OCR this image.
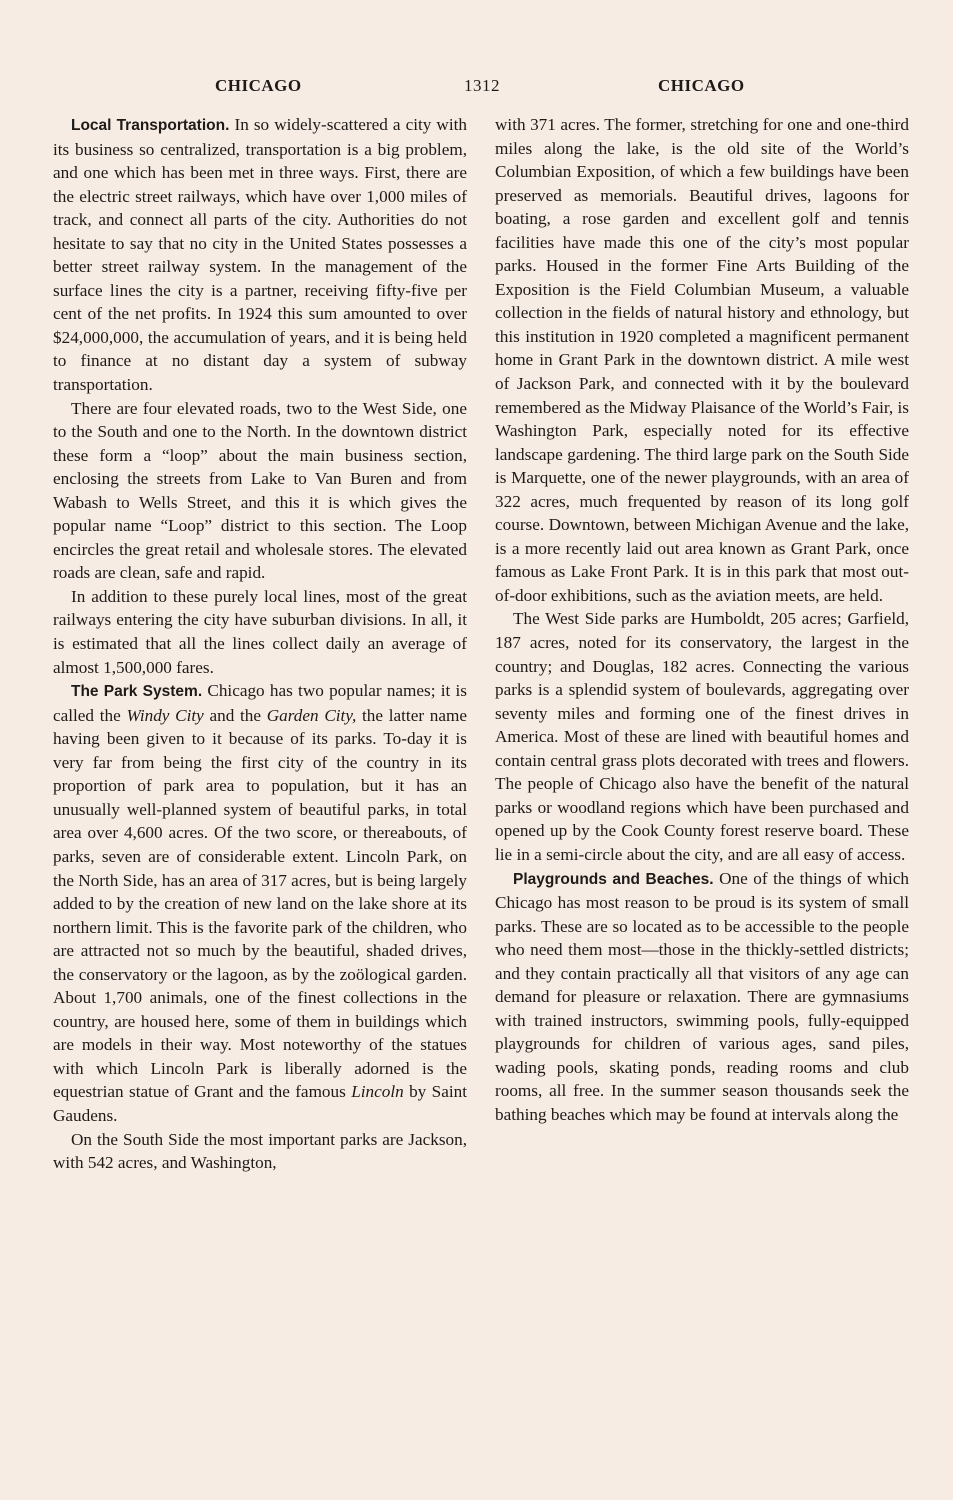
CHICAGO	1312	CHICAGO

Local Transportation. In so widely-scattered a city with its business so centralized, transportation is a big problem, and one which has been met in three ways. First, there are the electric street railways, which have over 1,000 miles of track, and connect all parts of the city. Authorities do not hesitate to say that no city in the United States possesses a better street railway system. In the management of the surface lines the city is a partner, receiving fifty-five per cent of the net profits. In 1924 this sum amounted to over $24,000,000, the accumulation of years, and it is being held to finance at no distant day a system of subway transportation.

There are four elevated roads, two to the West Side, one to the South and one to the North. In the downtown district these form a “loop” about the main business section, enclosing the streets from Lake to Van Buren and from Wabash to Wells Street, and this it is which gives the popular name “Loop” district to this section. The Loop encircles the great retail and wholesale stores. The elevated roads are clean, safe and rapid.

In addition to these purely local lines, most of the great railways entering the city have suburban divisions. In all, it is estimated that all the lines collect daily an average of almost 1,500,000 fares.

The Park System. Chicago has two popular names; it is called the Windy City and the Garden City, the latter name having been given to it because of its parks. To-day it is very far from being the first city of the country in its proportion of park area to population, but it has an unusually well-planned system of beautiful parks, in total area over 4,600 acres. Of the two score, or thereabouts, of parks, seven are of considerable extent. Lincoln Park, on the North Side, has an area of 317 acres, but is being largely added to by the creation of new land on the lake shore at its northern limit. This is the favorite park of the children, who are attracted not so much by the beautiful, shaded drives, the conservatory or the lagoon, as by the zoölogical garden. About 1,700 animals, one of the finest collections in the country, are housed here, some of them in buildings which are models in their way. Most noteworthy of the statues with which Lincoln Park is liberally adorned is the equestrian statue of Grant and the famous Lincoln by Saint Gaudens.

On the South Side the most important parks are Jackson, with 542 acres, and Washington,

with 371 acres. The former, stretching for one and one-third miles along the lake, is the old site of the World’s Columbian Exposition, of which a few buildings have been preserved as memorials. Beautiful drives, lagoons for boating, a rose garden and excellent golf and tennis facilities have made this one of the city’s most popular parks. Housed in the former Fine Arts Building of the Exposition is the Field Columbian Museum, a valuable collection in the fields of natural history and ethnology, but this institution in 1920 completed a magnificent permanent home in Grant Park in the downtown district. A mile west of Jackson Park, and connected with it by the boulevard remembered as the Midway Plaisance of the World’s Fair, is Washington Park, especially noted for its effective landscape gardening. The third large park on the South Side is Marquette, one of the newer playgrounds, with an area of 322 acres, much frequented by reason of its long golf course. Downtown, between Michigan Avenue and the lake, is a more recently laid out area known as Grant Park, once famous as Lake Front Park. It is in this park that most out-of-door exhibitions, such as the aviation meets, are held.

The West Side parks are Humboldt, 205 acres; Garfield, 187 acres, noted for its conservatory, the largest in the country; and Douglas, 182 acres. Connecting the various parks is a splendid system of boulevards, aggregating over seventy miles and forming one of the finest drives in America. Most of these are lined with beautiful homes and contain central grass plots decorated with trees and flowers. The people of Chicago also have the benefit of the natural parks or woodland regions which have been purchased and opened up by the Cook County forest reserve board. These lie in a semi-circle about the city, and are all easy of access.

Playgrounds and Beaches. One of the things of which Chicago has most reason to be proud is its system of small parks. These are so located as to be accessible to the people who need them most—those in the thickly-settled districts; and they contain practically all that visitors of any age can demand for pleasure or relaxation. There are gymnasiums with trained instructors, swimming pools, fully-equipped playgrounds for children of various ages, sand piles, wading pools, skating ponds, reading rooms and club rooms, all free. In the summer season thousands seek the bathing beaches which may be found at intervals along the
